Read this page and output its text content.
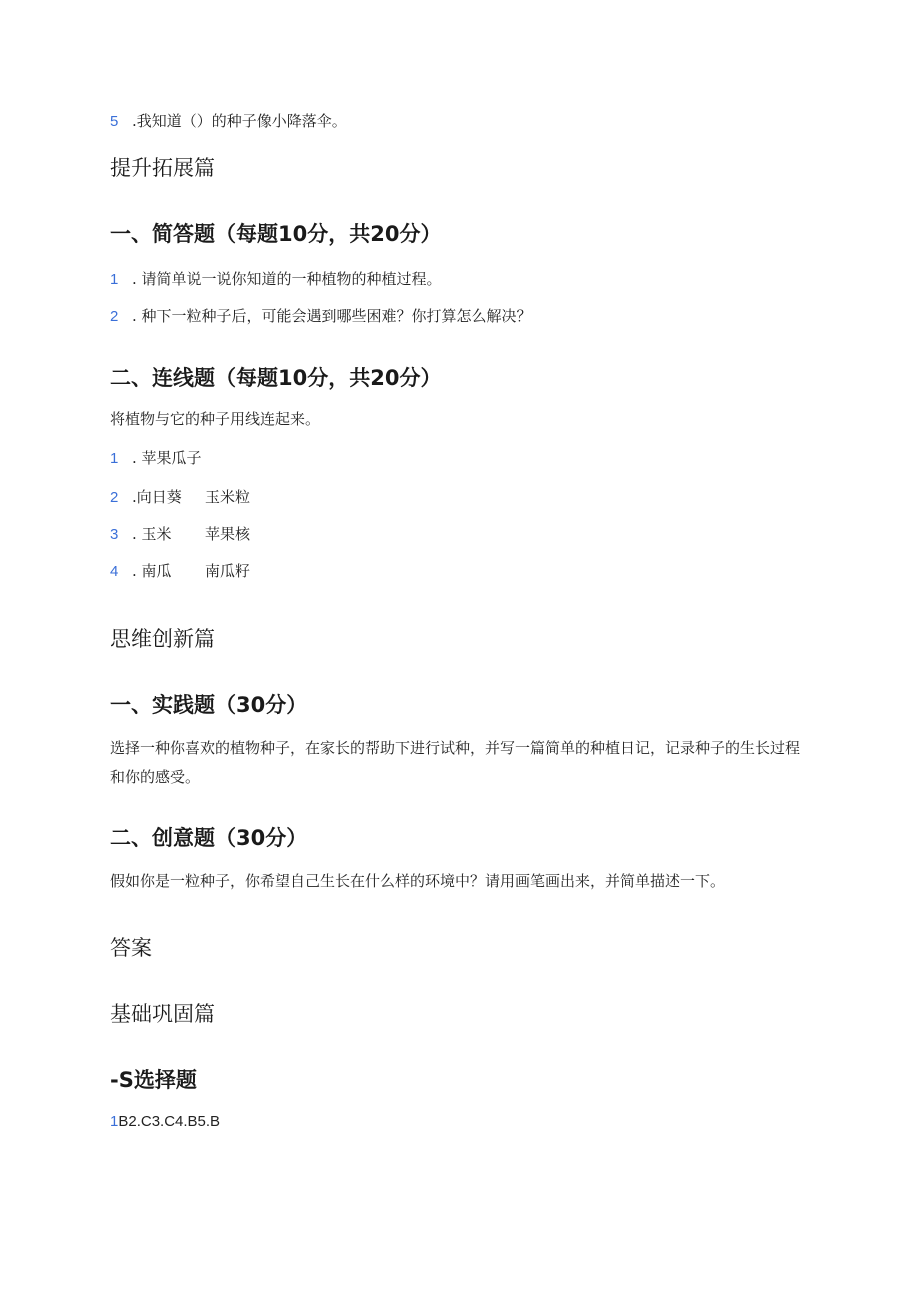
5 .我知道（）的种子像小降落伞。
提升拓展篇
一、简答题（每题10分，共20分）
1 . 请简单说一说你知道的一种植物的种植过程。
2 . 种下一粒种子后，可能会遇到哪些困难？你打算怎么解决？
二、连线题（每题10分，共20分）
将植物与它的种子用线连起来。
1 . 苹果瓜子
2 .向日葵 玉米粒
3 . 玉米 苹果核
4 . 南瓜 南瓜籽
思维创新篇
一、实践题（30分）
选择一种你喜欢的植物种子，在家长的帮助下进行试种，并写一篇简单的种植日记，记录种子的生长过程和你的感受。
二、创意题（30分）
假如你是一粒种子，你希望自己生长在什么样的环境中？请用画笔画出来，并简单描述一下。
答案
基础巩固篇
-S选择题
1B2.C3.C4.B5.B
